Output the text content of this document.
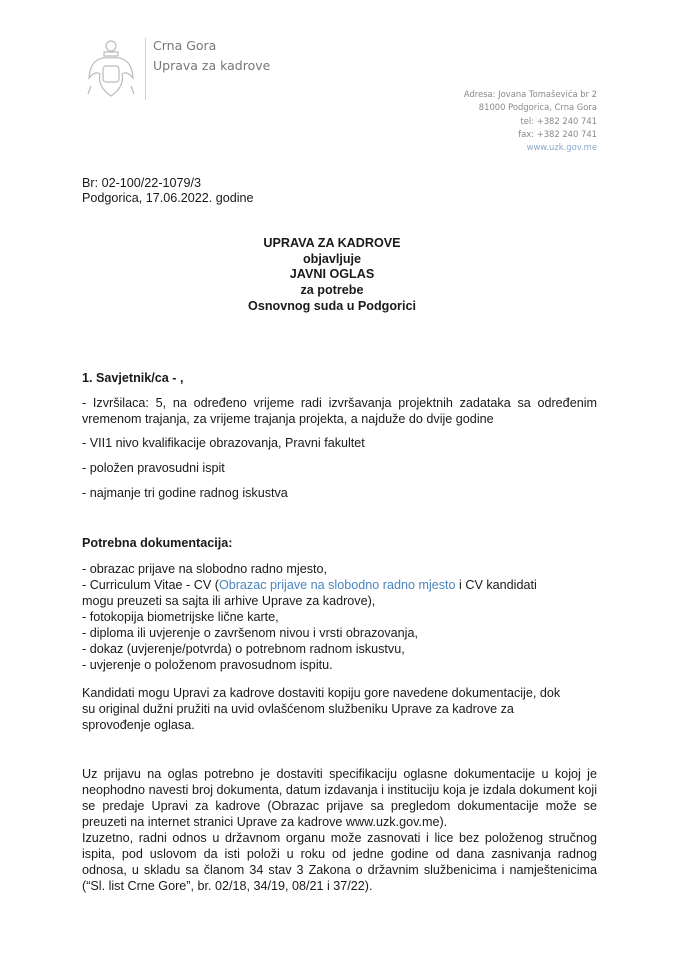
Crna Gora
Uprava za kadrove
Adresa: Jovana Tomaševića br 2
81000 Podgorica, Crna Gora
tel: +382 240 741
fax: +382 240 741
www.uzk.gov.me
Br: 02-100/22-1079/3
Podgorica, 17.06.2022. godine
UPRAVA ZA KADROVE
objavljuje
JAVNI OGLAS
za potrebe
Osnovnog suda u Podgorici
1. Savjetnik/ca - ,
- Izvršilaca: 5, na određeno vrijeme radi izvršavanja projektnih zadataka sa određenim vremenom trajanja, za vrijeme trajanja projekta, a najduže do dvije godine
- VII1 nivo kvalifikacije obrazovanja, Pravni fakultet
- položen pravosudni ispit
- najmanje tri godine radnog iskustva
Potrebna dokumentacija:
- obrazac prijave na slobodno radno mjesto,
- Curriculum Vitae - CV (Obrazac prijave na slobodno radno mjesto i CV kandidati mogu preuzeti sa sajta ili arhive Uprave za kadrove),
- fotokopija biometrijske lične karte,
- diploma ili uvjerenje o završenom nivou i vrsti obrazovanja,
- dokaz (uvjerenje/potvrda) o potrebnom radnom iskustvu,
- uvjerenje o položenom pravosudnom ispitu.
Kandidati mogu Upravi za kadrove dostaviti kopiju gore navedene dokumentacije, dok su original dužni pružiti na uvid ovlašćenom službeniku Uprave za kadrove za sprovođenje oglasa.
Uz prijavu na oglas potrebno je dostaviti specifikaciju oglasne dokumentacije u kojoj je neophodno navesti broj dokumenta, datum izdavanja i instituciju koja je izdala dokument koji se predaje Upravi za kadrove (Obrazac prijave sa pregledom dokumentacije može se preuzeti na internet stranici Uprave za kadrove www.uzk.gov.me).
Izuzetno, radni odnos u državnom organu može zasnovati i lice bez položenog stručnog ispita, pod uslovom da isti položi u roku od jedne godine od dana zasnivanja radnog odnosa, u skladu sa članom 34 stav 3 Zakona o državnim službenicima i namještenicima (“Sl. list Crne Gore”, br. 02/18, 34/19, 08/21 i 37/22).
